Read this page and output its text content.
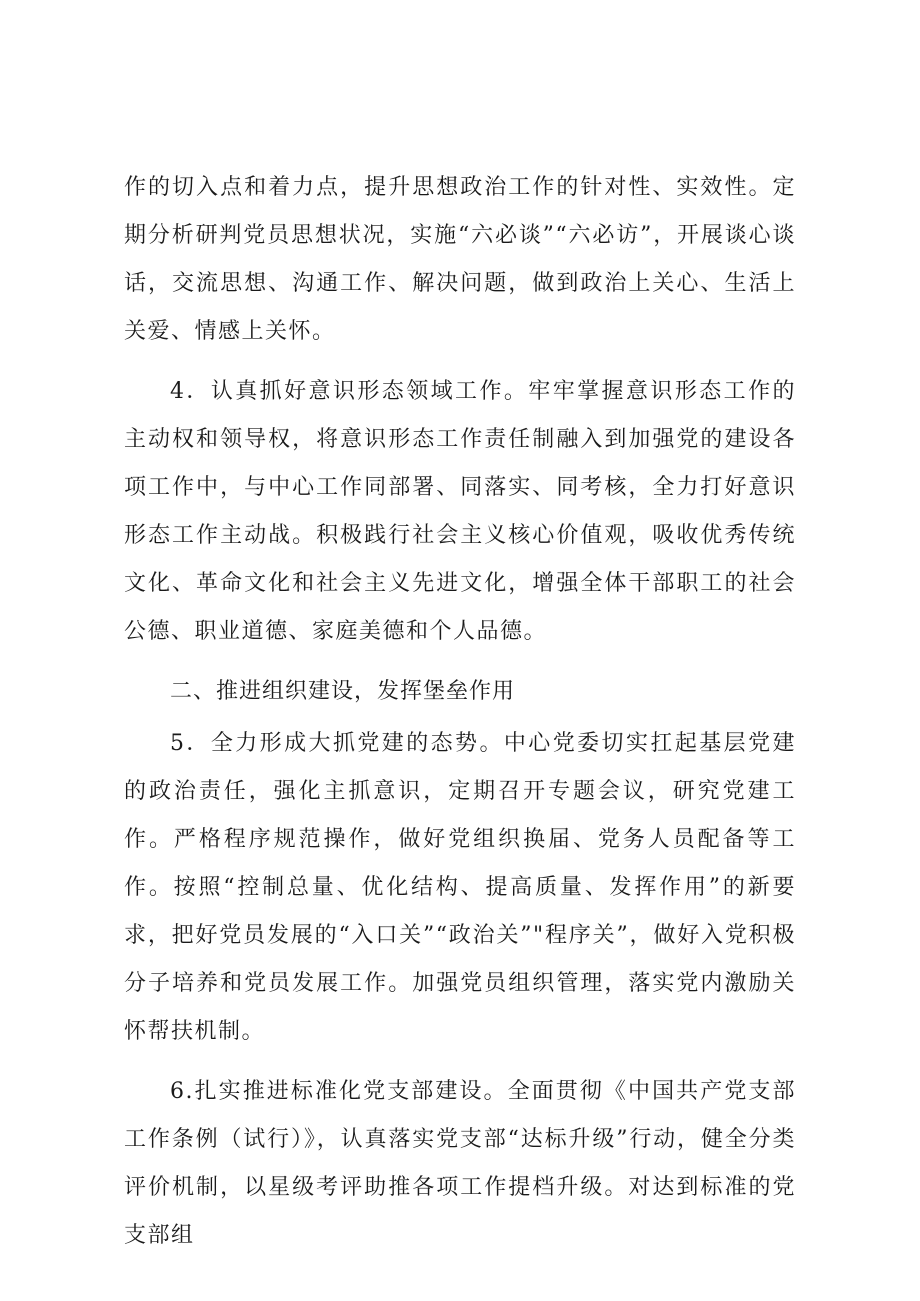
作的切入点和着力点，提升思想政治工作的针对性、实效性。定期分析研判党员思想状况，实施“六必谈”“六必访”，开展谈心谈话，交流思想、沟通工作、解决问题，做到政治上关心、生活上关爱、情感上关怀。

4．认真抓好意识形态领域工作。牢牢掌握意识形态工作的主动权和领导权，将意识形态工作责任制融入到加强党的建设各项工作中，与中心工作同部署、同落实、同考核，全力打好意识形态工作主动战。积极践行社会主义核心价值观，吸收优秀传统文化、革命文化和社会主义先进文化，增强全体干部职工的社会公德、职业道德、家庭美德和个人品德。

二、推进组织建设，发挥堡垒作用

5．全力形成大抓党建的态势。中心党委切实扛起基层党建的政治责任，强化主抓意识，定期召开专题会议，研究党建工作。严格程序规范操作，做好党组织换届、党务人员配备等工作。按照“控制总量、优化结构、提高质量、发挥作用”的新要求，把好党员发展的“入口关”“政治关”"程序关”，做好入党积极分子培养和党员发展工作。加强党员组织管理，落实党内激励关怀帮扶机制。

6.扎实推进标准化党支部建设。全面贯彻《中国共产党支部工作条例（试行）》，认真落实党支部“达标升级”行动，健全分类评价机制，以星级考评助推各项工作提档升级。对达到标准的党支部组
